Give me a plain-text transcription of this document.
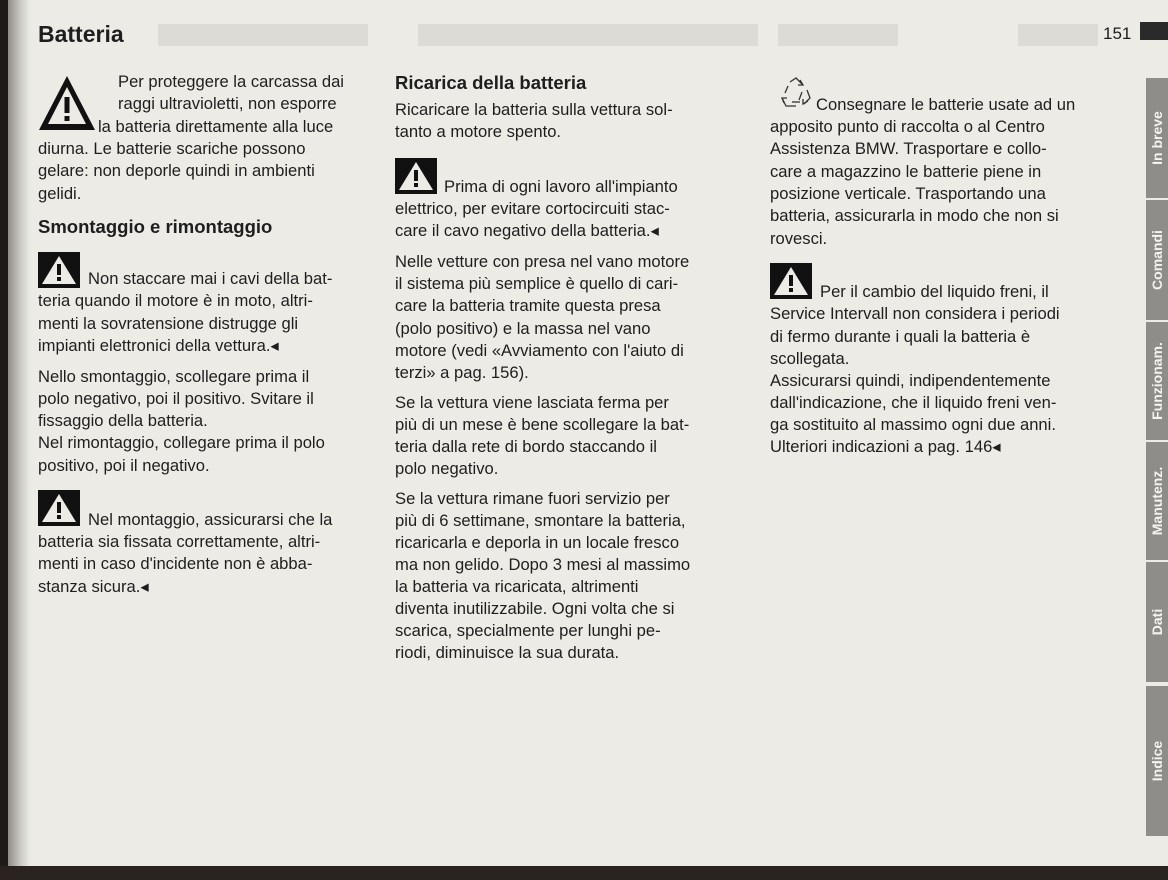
Batteria	151
Per proteggere la carcassa dai
raggi ultravioletti, non esporre
la batteria direttamente alla luce
diurna. Le batterie scariche possono
gelare: non deporle quindi in ambienti
gelidi.
Smontaggio e rimontaggio
Non staccare mai i cavi della bat-
teria quando il motore è in moto, altri-
menti la sovratensione distrugge gli
impianti elettronici della vettura.◂
Nello smontaggio, scollegare prima il
polo negativo, poi il positivo. Svitare il
fissaggio della batteria.
Nel rimontaggio, collegare prima il polo
positivo, poi il negativo.
Nel montaggio, assicurarsi che la
batteria sia fissata correttamente, altri-
menti in caso d'incidente non è abba-
stanza sicura.◂
Ricarica della batteria
Ricaricare la batteria sulla vettura sol-
tanto a motore spento.
Prima di ogni lavoro all'impianto
elettrico, per evitare cortocircuiti stac-
care il cavo negativo della batteria.◂
Nelle vetture con presa nel vano motore
il sistema più semplice è quello di cari-
care la batteria tramite questa presa
(polo positivo) e la massa nel vano
motore (vedi «Avviamento con l'aiuto di
terzi» a pag. 156).
Se la vettura viene lasciata ferma per
più di un mese è bene scollegare la bat-
teria dalla rete di bordo staccando il
polo negativo.
Se la vettura rimane fuori servizio per
più di 6 settimane, smontare la batteria,
ricaricarla e deporla in un locale fresco
ma non gelido. Dopo 3 mesi al massimo
la batteria va ricaricata, altrimenti
diventa inutilizzabile. Ogni volta che si
scarica, specialmente per lunghi pe-
riodi, diminuisce la sua durata.
Consegnare le batterie usate ad un
apposito punto di raccolta o al Centro
Assistenza BMW. Trasportare e collo-
care a magazzino le batterie piene in
posizione verticale. Trasportando una
batteria, assicurarla in modo che non si
rovesci.
Per il cambio del liquido freni, il
Service Intervall non considera i periodi
di fermo durante i quali la batteria è
scollegata.
Assicurarsi quindi, indipendentemente
dall'indicazione, che il liquido freni ven-
ga sostituito al massimo ogni due anni.
Ulteriori indicazioni a pag. 146◂
In breve
Comandi
Funzionam.
Manutenz.
Dati
Indice
